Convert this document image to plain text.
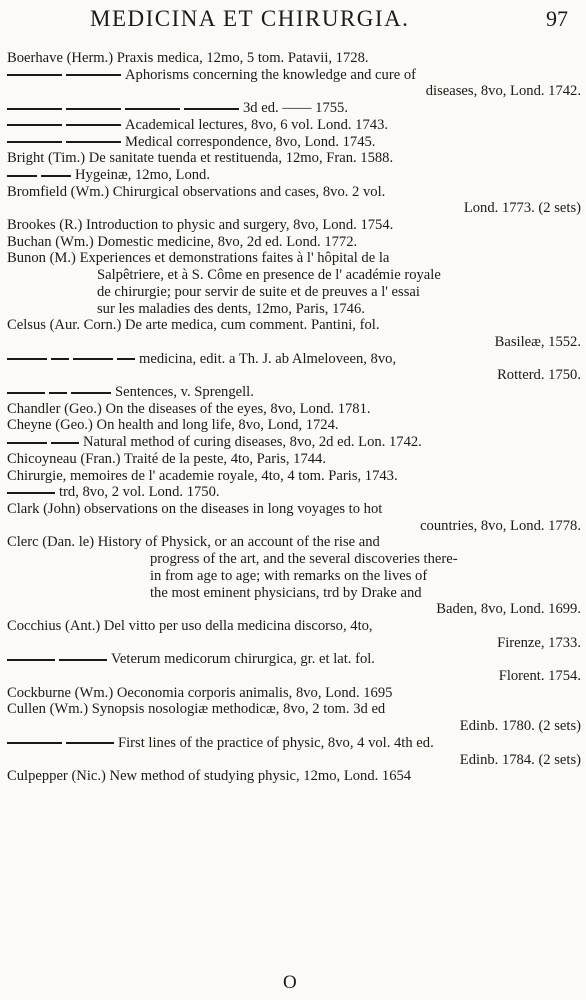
MEDICINA ET CHIRURGIA.	97
Boerhave (Herm.) Praxis medica, 12mo, 5 tom. Patavii, 1728.
Aphorisms concerning the knowledge and cure of
diseases, 8vo, Lond. 1742.
3d ed. —— 1755.
Academical lectures, 8vo, 6 vol. Lond. 1743.
Medical correspondence, 8vo, Lond. 1745.
Bright (Tim.) De sanitate tuenda et restituenda, 12mo, Fran. 1588.
Hygeinæ, 12mo, Lond.
Bromfield (Wm.) Chirurgical observations and cases, 8vo. 2 vol.
Lond. 1773. (2 sets)
Brookes (R.) Introduction to physic and surgery, 8vo, Lond. 1754.
Buchan (Wm.) Domestic medicine, 8vo, 2d ed. Lond. 1772.
Bunon (M.) Experiences et demonstrations faites à l' hôpital de la
Salpêtriere, et à S. Côme en presence de l' académie royale
de chirurgie; pour servir de suite et de preuves a l' essai
sur les maladies des dents, 12mo, Paris, 1746.
Celsus (Aur. Corn.) De arte medica, cum comment. Pantini, fol.
Basileæ, 1552.
medicina, edit. a Th. J. ab Almeloveen, 8vo,
Rotterd. 1750.
Sentences, v. Sprengell.
Chandler (Geo.) On the diseases of the eyes, 8vo, Lond. 1781.
Cheyne (Geo.) On health and long life, 8vo, Lond, 1724.
Natural method of curing diseases, 8vo, 2d ed. Lon. 1742.
Chicoyneau (Fran.) Traité de la peste, 4to, Paris, 1744.
Chirurgie, memoires de l' academie royale, 4to, 4 tom. Paris, 1743.
trd, 8vo, 2 vol. Lond. 1750.
Clark (John) observations on the diseases in long voyages to hot
countries, 8vo, Lond. 1778.
Clerc (Dan. le) History of Physick, or an account of the rise and
progress of the art, and the several discoveries there-
in from age to age; with remarks on the lives of
the most eminent physicians, trd by Drake and
Baden, 8vo, Lond. 1699.
Cocchius (Ant.) Del vitto per uso della medicina discorso, 4to,
Firenze, 1733.
Veterum medicorum chirurgica, gr. et lat. fol.
Florent. 1754.
Cockburne (Wm.) Oeconomia corporis animalis, 8vo, Lond. 1695
Cullen (Wm.) Synopsis nosologiæ methodicæ, 8vo, 2 tom. 3d ed
Edinb. 1780. (2 sets)
First lines of the practice of physic, 8vo, 4 vol. 4th ed.
Edinb. 1784. (2 sets)
Culpepper (Nic.) New method of studying physic, 12mo, Lond. 1654
O
